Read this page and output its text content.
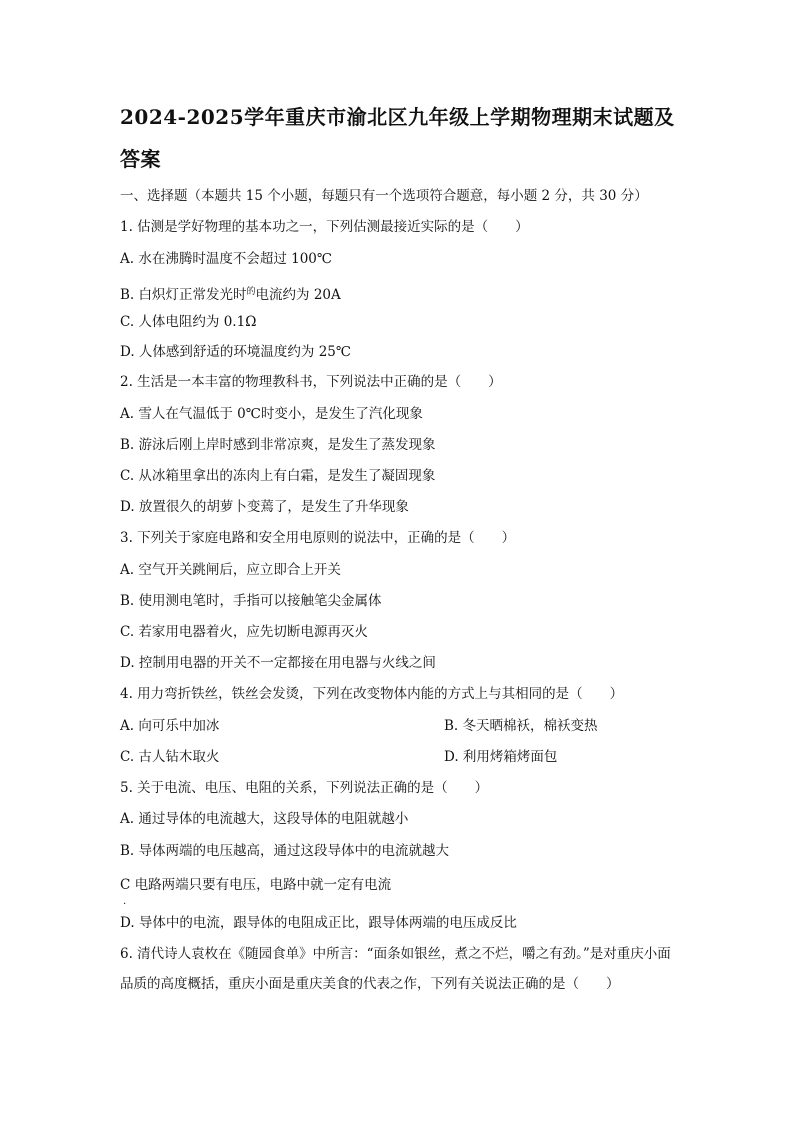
2024-2025学年重庆市渝北区九年级上学期物理期末试题及
答案
一、选择题（本题共 15 个小题，每题只有一个选项符合题意，每小题 2 分，共 30 分）
1. 估测是学好物理的基本功之一，下列估测最接近实际的是（　　）
A. 水在沸腾时温度不会超过 100℃
B. 白炽灯正常发光时$^的$电流约为 20A
C. 人体电阻约为 0.1Ω
D. 人体感到舒适的环境温度约为 25℃
2. 生活是一本丰富的物理教科书，下列说法中正确的是（　　）
A. 雪人在气温低于 0℃时变小，是发生了汽化现象
B. 游泳后刚上岸时感到非常凉爽，是发生了蒸发现象
C. 从冰箱里拿出的冻肉上有白霜，是发生了凝固现象
D. 放置很久的胡萝卜变蔫了，是发生了升华现象
3. 下列关于家庭电路和安全用电原则的说法中，正确的是（　　）
A. 空气开关跳闸后，应立即合上开关
B. 使用测电笔时，手指可以接触笔尖金属体
C. 若家用电器着火，应先切断电源再灭火
D. 控制用电器的开关不一定都接在用电器与火线之间
4. 用力弯折铁丝，铁丝会发烫，下列在改变物体内能的方式上与其相同的是（　　）
A. 向可乐中加冰	B. 冬天晒棉袄，棉袄变热
C. 古人钻木取火	D. 利用烤箱烤面包
5. 关于电流、电压、电阻的关系，下列说法正确的是（　　）
A. 通过导体的电流越大，这段导体的电阻就越小
B. 导体两端的电压越高，通过这段导体中的电流就越大
C 电路两端只要有电压，电路中就一定有电流
.
D. 导体中的电流，跟导体的电阻成正比，跟导体两端的电压成反比
6. 清代诗人袁枚在《随园食单》中所言：“面条如银丝，煮之不烂，嚼之有劲。”是对重庆小面品质的高度概括，重庆小面是重庆美食的代表之作，下列有关说法正确的是（　　）
